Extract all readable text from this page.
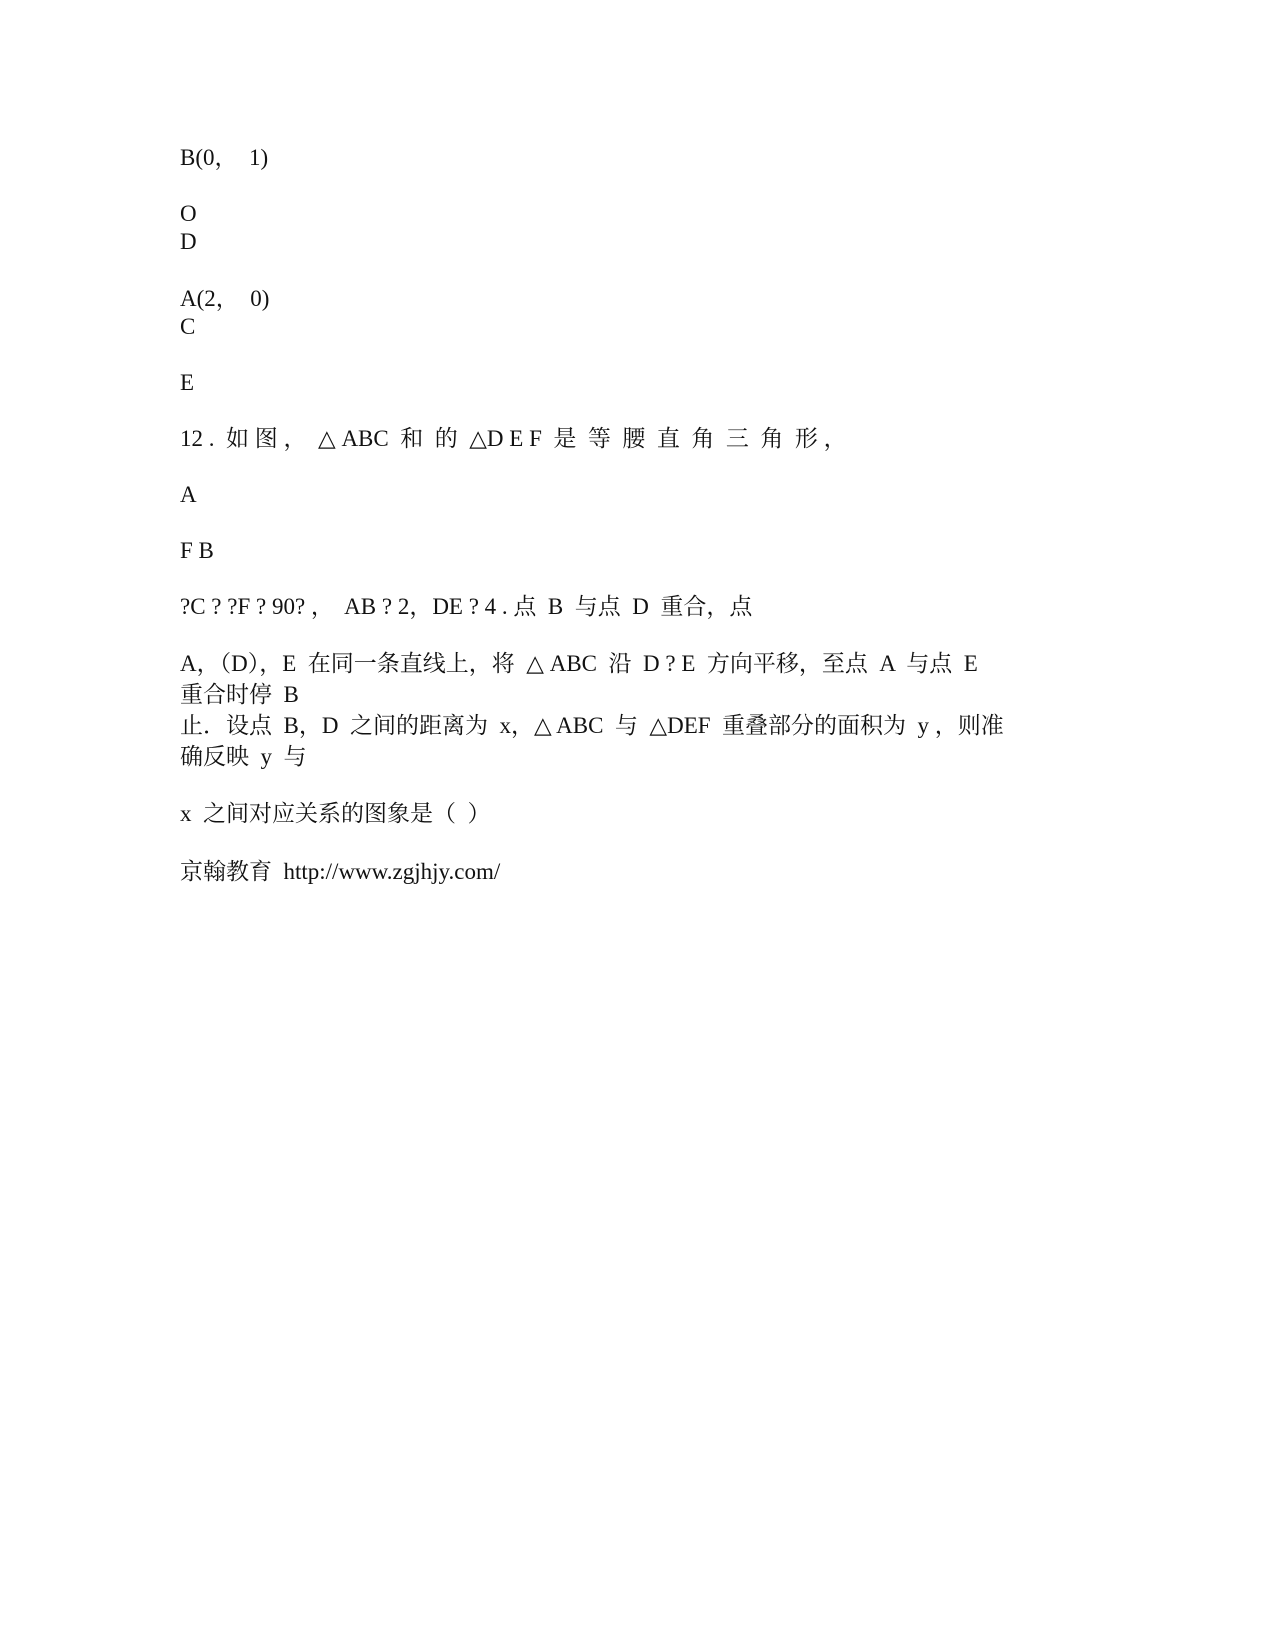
B(0，  1)
O
D
A(2，  0)
C
E
12 .  如 图 ，  △ ABC  和  的  △D E F  是  等  腰  直  角  三  角  形 ，
A
F B
?C ? ?F ? 90? ，  AB ? 2，DE ? 4 . 点  B  与点  D  重合，点
A，（D），E  在同一条直线上，将  △ ABC  沿  D ? E  方向平移，至点  A  与点  E
重合时停  B
止．设点  B，D  之间的距离为  x，△ ABC  与  △DEF  重叠部分的面积为  y ，则准
确反映  y  与
x  之间对应关系的图象是（  ）
京翰教育  http://www.zgjhjy.com/
